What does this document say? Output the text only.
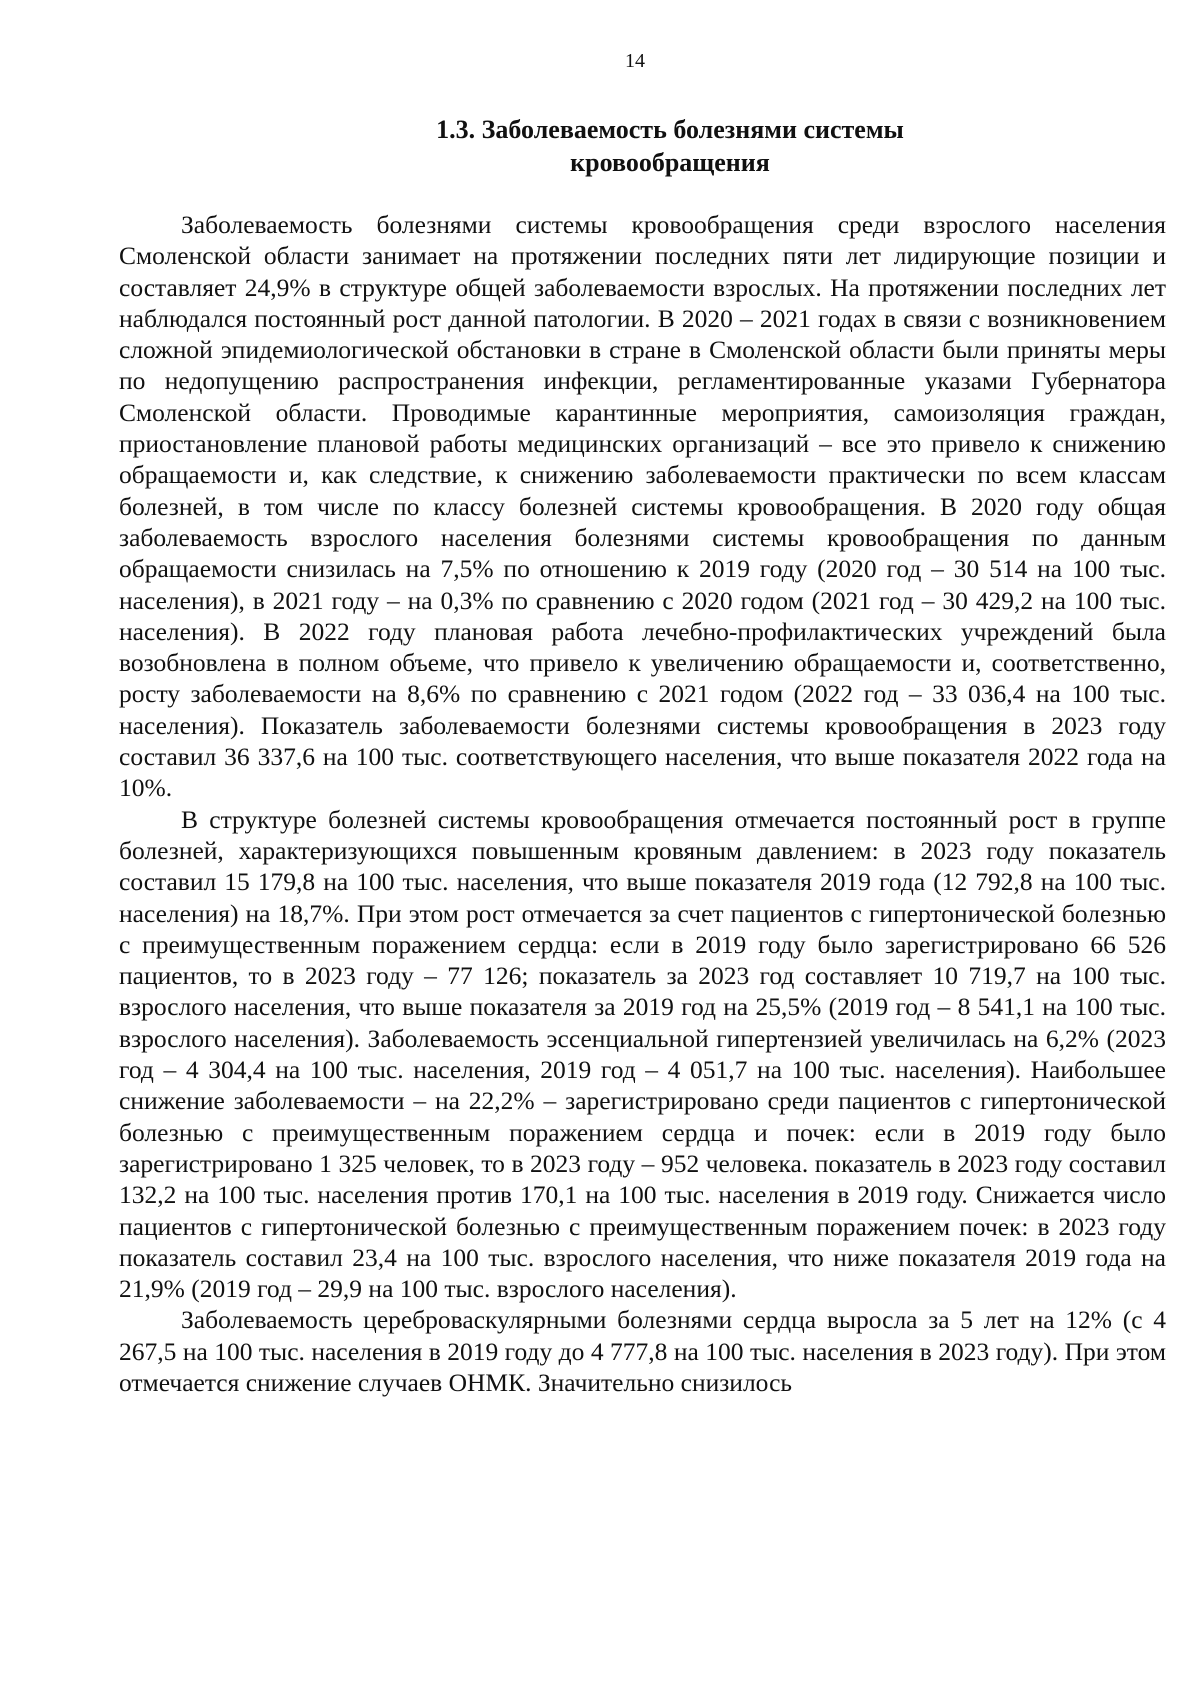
14
1.3. Заболеваемость болезнями системы
кровообращения

Заболеваемость болезнями системы кровообращения среди взрослого населения Смоленской области занимает на протяжении последних пяти лет лидирующие позиции и составляет 24,9% в структуре общей заболеваемости взрослых. На протяжении последних лет наблюдался постоянный рост данной патологии. В 2020 – 2021 годах в связи с возникновением сложной эпидемиологической обстановки в стране в Смоленской области были приняты меры по недопущению распространения инфекции, регламентированные указами Губернатора Смоленской области. Проводимые карантинные мероприятия, самоизоляция граждан, приостановление плановой работы медицинских организаций – все это привело к снижению обращаемости и, как следствие, к снижению заболеваемости практически по всем классам болезней, в том числе по классу болезней системы кровообращения. В 2020 году общая заболеваемость взрослого населения болезнями системы кровообращения по данным обращаемости снизилась на 7,5% по отношению к 2019 году (2020 год – 30 514 на 100 тыс. населения), в 2021 году – на 0,3% по сравнению с 2020 годом (2021 год – 30 429,2 на 100 тыс. населения). В 2022 году плановая работа лечебно-профилактических учреждений была возобновлена в полном объеме, что привело к увеличению обращаемости и, соответственно, росту заболеваемости на 8,6% по сравнению с 2021 годом (2022 год – 33 036,4 на 100 тыс. населения). Показатель заболеваемости болезнями системы кровообращения в 2023 году составил 36 337,6 на 100 тыс. соответствующего населения, что выше показателя 2022 года на 10%.

В структуре болезней системы кровообращения отмечается постоянный рост в группе болезней, характеризующихся повышенным кровяным давлением: в 2023 году показатель составил 15 179,8 на 100 тыс. населения, что выше показателя 2019 года (12 792,8 на 100 тыс. населения) на 18,7%. При этом рост отмечается за счет пациентов с гипертонической болезнью с преимущественным поражением сердца: если в 2019 году было зарегистрировано 66 526 пациентов, то в 2023 году – 77 126; показатель за 2023 год составляет 10 719,7 на 100 тыс. взрослого населения, что выше показателя за 2019 год на 25,5% (2019 год – 8 541,1 на 100 тыс. взрослого населения). Заболеваемость эссенциальной гипертензией увеличилась на 6,2% (2023 год – 4 304,4 на 100 тыс. населения, 2019 год – 4 051,7 на 100 тыс. населения). Наибольшее снижение заболеваемости – на 22,2% – зарегистрировано среди пациентов с гипертонической болезнью с преимущественным поражением сердца и почек: если в 2019 году было зарегистрировано 1 325 человек, то в 2023 году – 952 человека. показатель в 2023 году составил 132,2 на 100 тыс. населения против 170,1 на 100 тыс. населения в 2019 году. Снижается число пациентов с гипертонической болезнью с преимущественным поражением почек: в 2023 году показатель составил 23,4 на 100 тыс. взрослого населения, что ниже показателя 2019 года на 21,9% (2019 год – 29,9 на 100 тыс. взрослого населения).

Заболеваемость цереброваскулярными болезнями сердца выросла за 5 лет на 12% (с 4 267,5 на 100 тыс. населения в 2019 году до 4 777,8 на 100 тыс. населения в 2023 году). При этом отмечается снижение случаев ОНМК. Значительно снизилось
